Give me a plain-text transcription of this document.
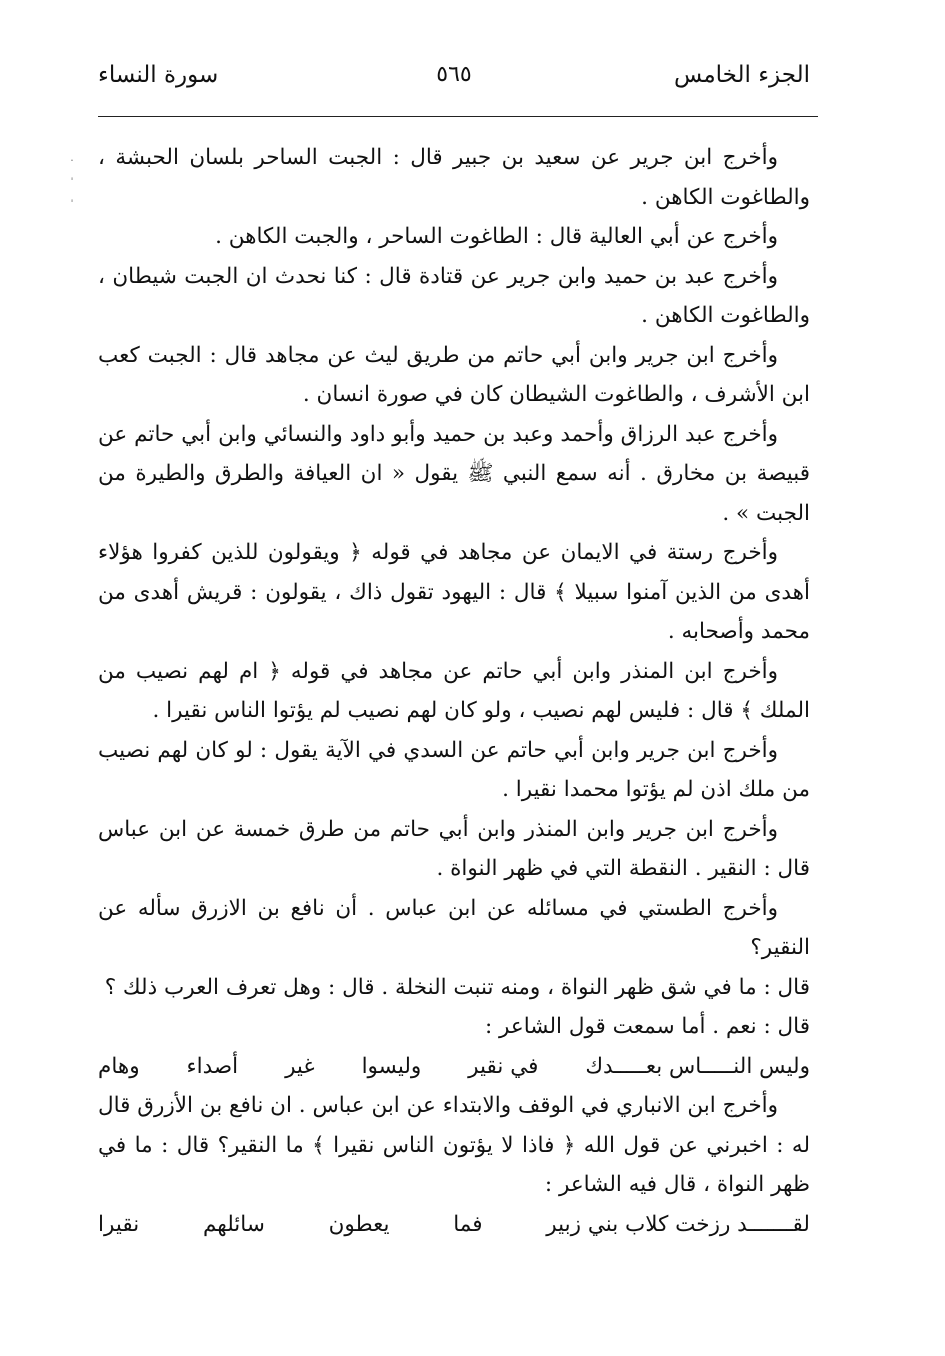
الجزء الخامس
٥٦٥
سورة النساء
·
ˈ
ˈ

وأخرج ابن جرير عن سعيد بن جبير قال : الجبت الساحر بلسان الحبشة ، والطاغوت الكاهن .

وأخرج عن أبي العالية قال : الطاغوت الساحر ، والجبت الكاهن .

وأخرج عبد بن حميد وابن جرير عن قتادة قال : كنا نحدث ان الجبت شيطان ، والطاغوت الكاهن .

وأخرج ابن جرير وابن أبي حاتم من طريق ليث عن مجاهد قال : الجبت كعب ابن الأشرف ، والطاغوت الشيطان كان في صورة انسان .

وأخرج عبد الرزاق وأحمد وعبد بن حميد وأبو داود والنسائي وابن أبي حاتم عن قبيصة بن مخارق . أنه سمع النبي ﷺ يقول « ان العيافة والطرق والطيرة من الجبت » .

وأخرج رستة في الايمان عن مجاهد في قوله ﴿ ويقولون للذين كفروا هؤلاء أهدى من الذين آمنوا سبيلا ﴾ قال : اليهود تقول ذاك ، يقولون : قريش أهدى من محمد وأصحابه .

وأخرج ابن المنذر وابن أبي حاتم عن مجاهد في قوله ﴿ ام لهم نصيب من الملك ﴾ قال : فليس لهم نصيب ، ولو كان لهم نصيب لم يؤتوا الناس نقيرا .

وأخرج ابن جرير وابن أبي حاتم عن السدي في الآية يقول : لو كان لهم نصيب من ملك اذن لم يؤتوا محمدا نقيرا .

وأخرج ابن جرير وابن المنذر وابن أبي حاتم من طرق خمسة عن ابن عباس قال : النقير . النقطة التي في ظهر النواة .

وأخرج الطستي في مسائله عن ابن عباس . أن نافع بن الازرق سأله عن النقير؟

قال : ما في شق ظهر النواة ، ومنه تنبت النخلة . قال : وهل تعرف العرب ذلك ؟

قال : نعم . أما سمعت قول الشاعر :

وليس النـــــاس بعـــــدك
في نقير
وليسوا
غير
أصداء
وهام

وأخرج ابن الانباري في الوقف والابتداء عن ابن عباس . ان نافع بن الأزرق قال له : اخبرني عن قول الله ﴿ فاذا لا يؤتون الناس نقيرا ﴾ ما النقير؟ قال : ما في ظهر النواة ، قال فيه الشاعر :

لقـــــــد رزخت كلاب بني زبير
فما
يعطون
سائلهم
نقيرا
